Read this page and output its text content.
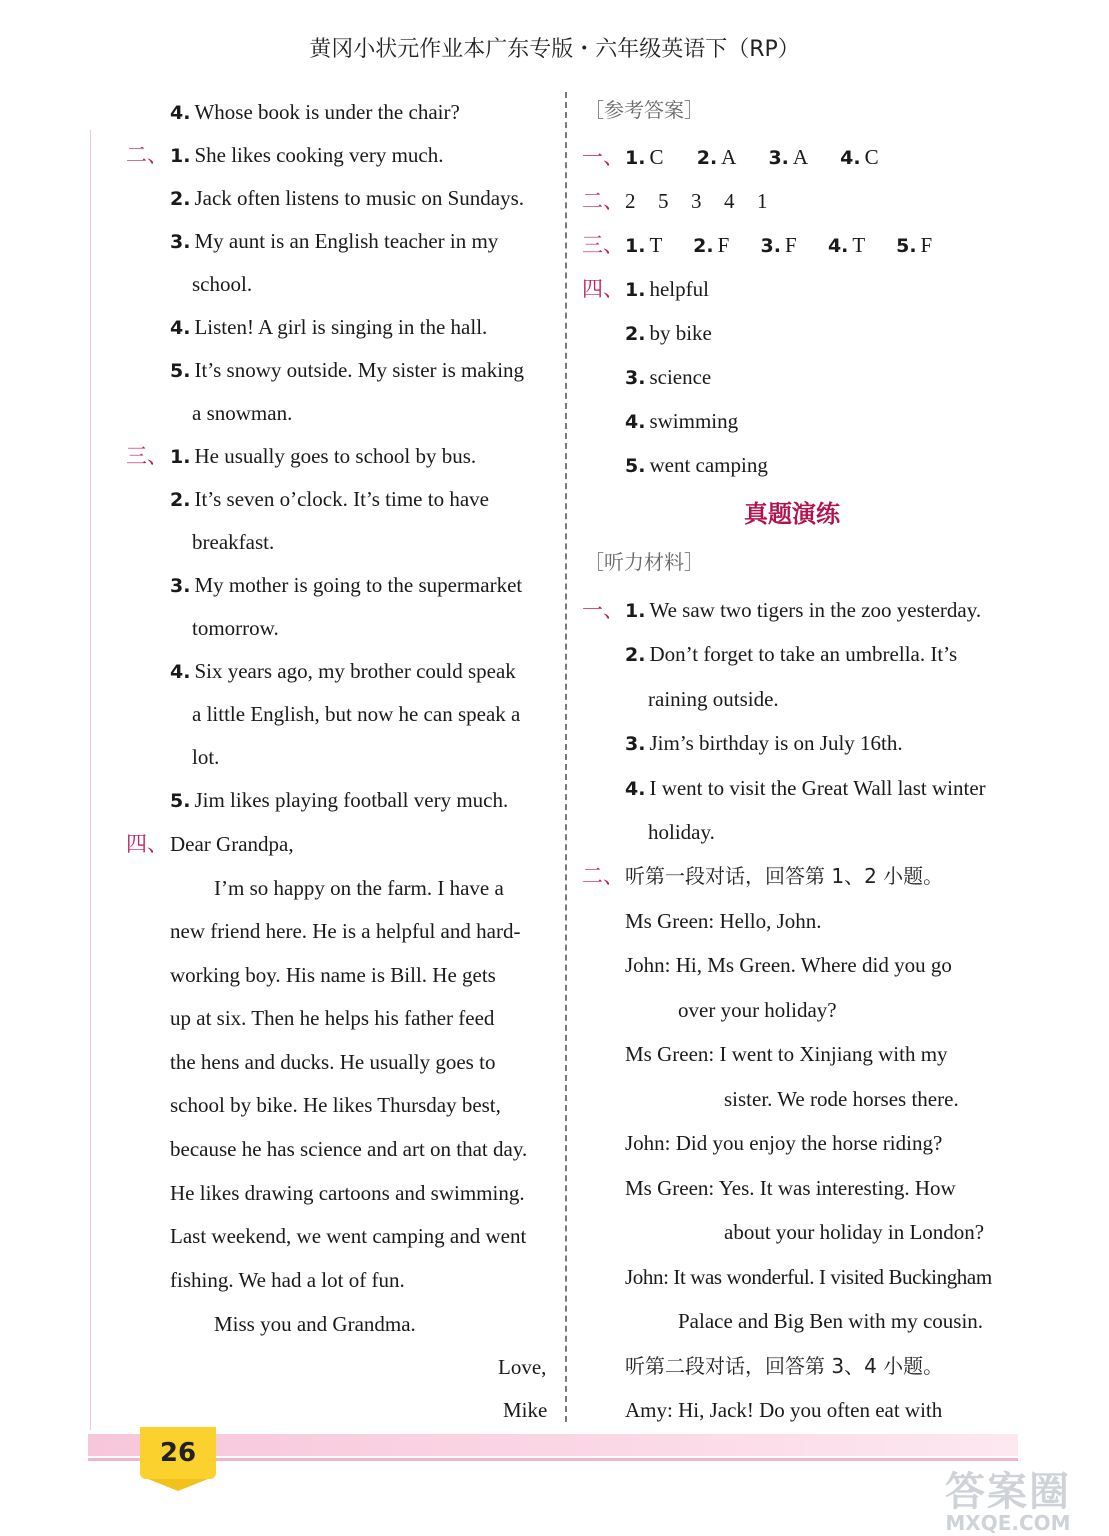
黄冈小状元作业本广东专版・六年级英语下（RP）
4. Whose book is under the chair?
二、 1. She likes cooking very much.
2. Jack often listens to music on Sundays.
3. My aunt is an English teacher in my
school.
4. Listen! A girl is singing in the hall.
5. It’s snowy outside. My sister is making
a snowman.
三、 1. He usually goes to school by bus.
2. It’s seven o’clock. It’s time to have
breakfast.
3. My mother is going to the supermarket
tomorrow.
4. Six years ago, my brother could speak
a little English, but now he can speak a
lot.
5. Jim likes playing football very much.
四、 Dear Grandpa,
I’m so happy on the farm. I have a
new friend here. He is a helpful and hard-
working boy. His name is Bill. He gets
up at six. Then he helps his father feed
the hens and ducks. He usually goes to
school by bike. He likes Thursday best,
because he has science and art on that day.
He likes drawing cartoons and swimming.
Last weekend, we went camping and went
fishing. We had a lot of fun.
Miss you and Grandma.
Love,
Mike
［参考答案］
一、 1. C 2. A 3. A 4. C
二、 2  5  3  4  1
三、 1. T 2. F 3. F 4. T 5. F
四、 1. helpful
2. by bike
3. science
4. swimming
5. went camping
真题演练
［听力材料］
一、 1. We saw two tigers in the zoo yesterday.
2. Don’t forget to take an umbrella. It’s
raining outside.
3. Jim’s birthday is on July 16th.
4. I went to visit the Great Wall last winter
holiday.
二、 听第一段对话，回答第 1、2 小题。
Ms Green: Hello, John.
John: Hi, Ms Green. Where did you go
over your holiday?
Ms Green: I went to Xinjiang with my
sister. We rode horses there.
John: Did you enjoy the horse riding?
Ms Green: Yes. It was interesting. How
about your holiday in London?
John: It was wonderful. I visited Buckingham
Palace and Big Ben with my cousin.
听第二段对话，回答第 3、4 小题。
Amy: Hi, Jack! Do you often eat with
26
答案圈
MXQE.COM
